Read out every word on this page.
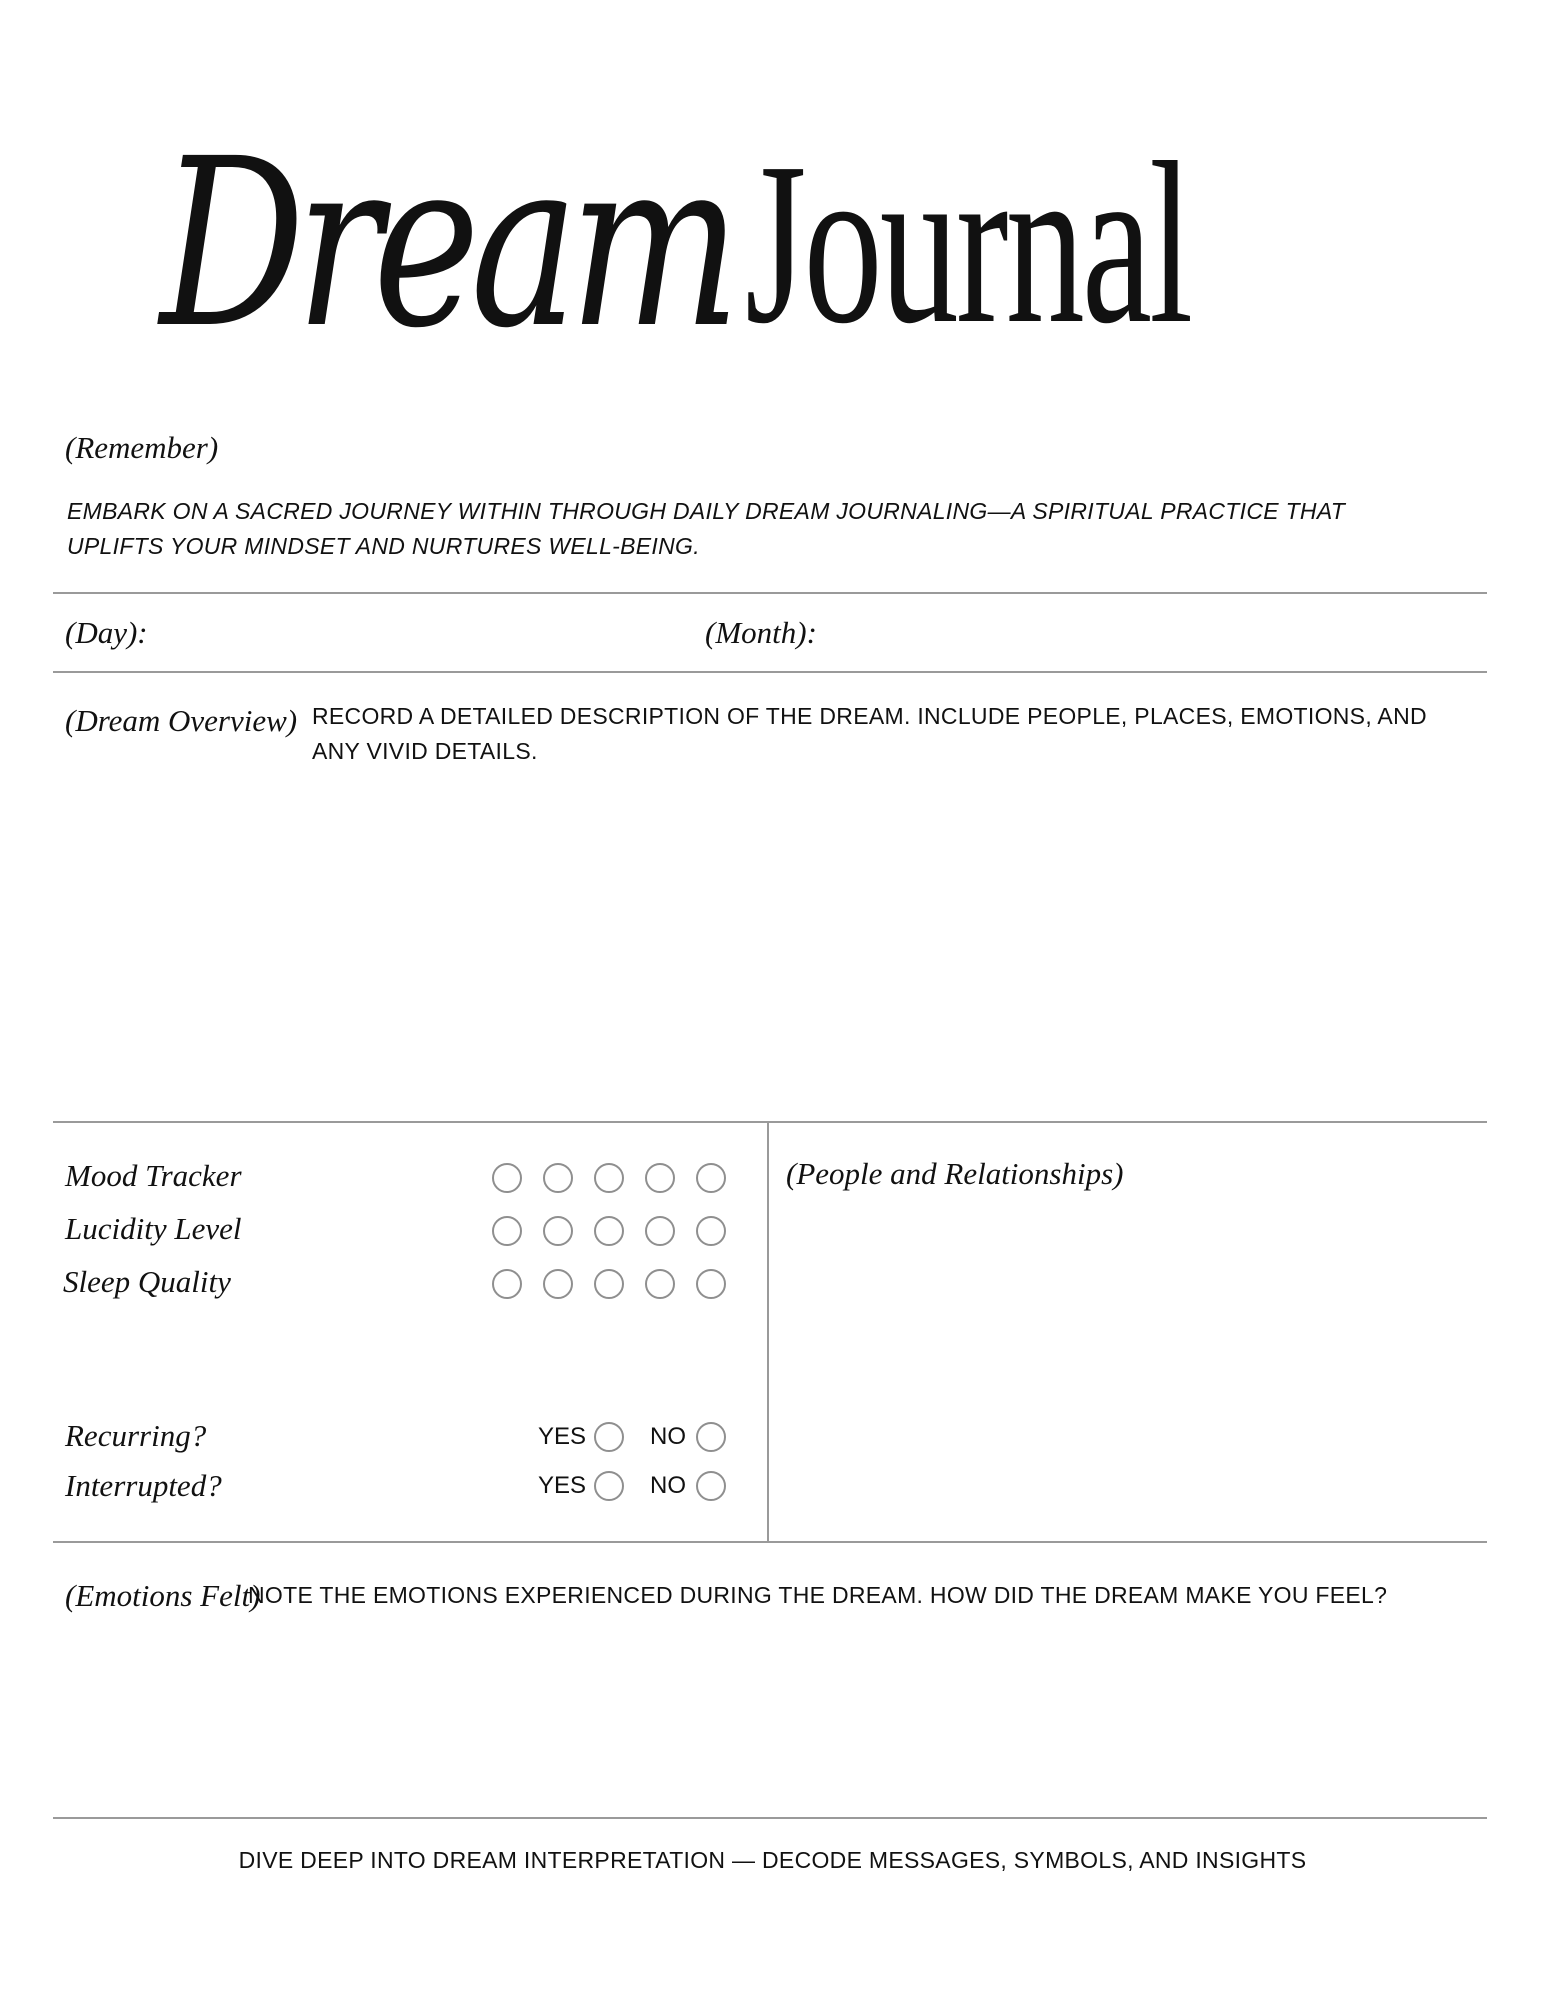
Dream Journal
(Remember)
EMBARK ON A SACRED JOURNEY WITHIN THROUGH DAILY DREAM JOURNALING—A SPIRITUAL PRACTICE THAT UPLIFTS YOUR MINDSET AND NURTURES WELL-BEING.
(Day):	(Month):
(Dream Overview) RECORD A DETAILED DESCRIPTION OF THE DREAM. INCLUDE PEOPLE, PLACES, EMOTIONS, AND ANY VIVID DETAILS.
Mood Tracker
Lucidity Level
Sleep Quality
Recurring?	YES	NO
Interrupted?	YES	NO
(People and Relationships)
(Emotions Felt)
NOTE THE EMOTIONS EXPERIENCED DURING THE DREAM. HOW DID THE DREAM MAKE YOU FEEL?
DIVE DEEP INTO DREAM INTERPRETATION — DECODE MESSAGES, SYMBOLS, AND INSIGHTS
